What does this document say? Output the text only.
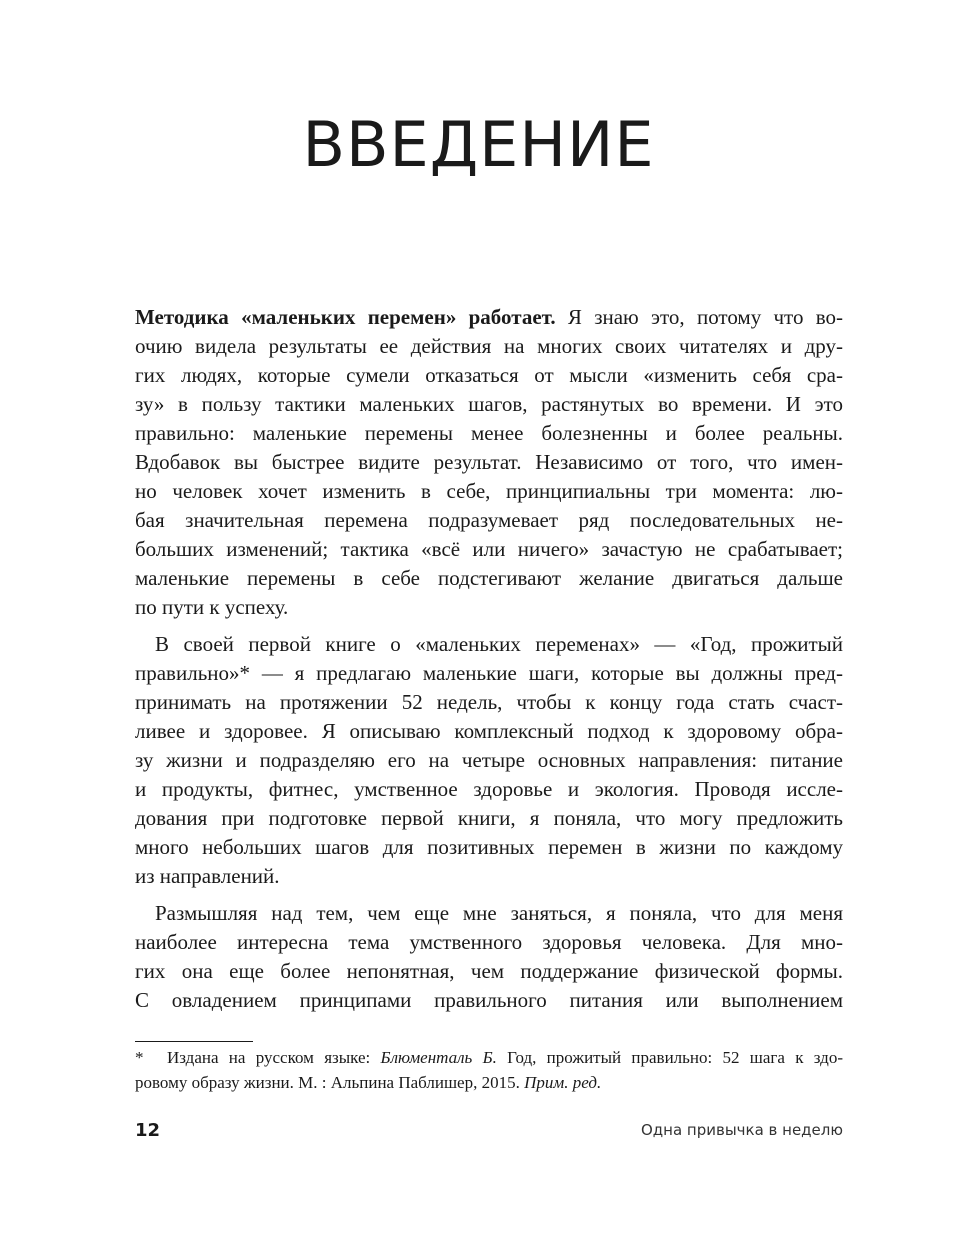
ВВЕДЕНИЕ
Методика «маленьких перемен» работает. Я знаю это, потому что во-
очию видела результаты ее действия на многих своих читателях и дру-
гих людях, которые сумели отказаться от мысли «изменить себя сра-
зу» в пользу тактики маленьких шагов, растянутых во времени. И это
правильно: маленькие перемены менее болезненны и более реальны.
Вдобавок вы быстрее видите результат. Независимо от того, что имен-
но человек хочет изменить в себе, принципиальны три момента: лю-
бая значительная перемена подразумевает ряд последовательных не-
больших изменений; тактика «всё или ничего» зачастую не срабатывает;
маленькие перемены в себе подстегивают желание двигаться дальше
по пути к успеху.
В своей первой книге о «маленьких переменах» — «Год, прожитый
правильно»* — я предлагаю маленькие шаги, которые вы должны пред-
принимать на протяжении 52 недель, чтобы к концу года стать счаст-
ливее и здоровее. Я описываю комплексный подход к здоровому обра-
зу жизни и подразделяю его на четыре основных направления: питание
и продукты, фитнес, умственное здоровье и экология. Проводя иссле-
дования при подготовке первой книги, я поняла, что могу предложить
много небольших шагов для позитивных перемен в жизни по каждому
из направлений.
Размышляя над тем, чем еще мне заняться, я поняла, что для меня
наиболее интересна тема умственного здоровья человека. Для мно-
гих она еще более непонятная, чем поддержание физической формы.
С овладением принципами правильного питания или выполнением
* Издана на русском языке: Блюменталь Б. Год, прожитый правильно: 52 шага к здо-
ровому образу жизни. М. : Альпина Паблишер, 2015. Прим. ред.
12	Одна привычка в неделю
